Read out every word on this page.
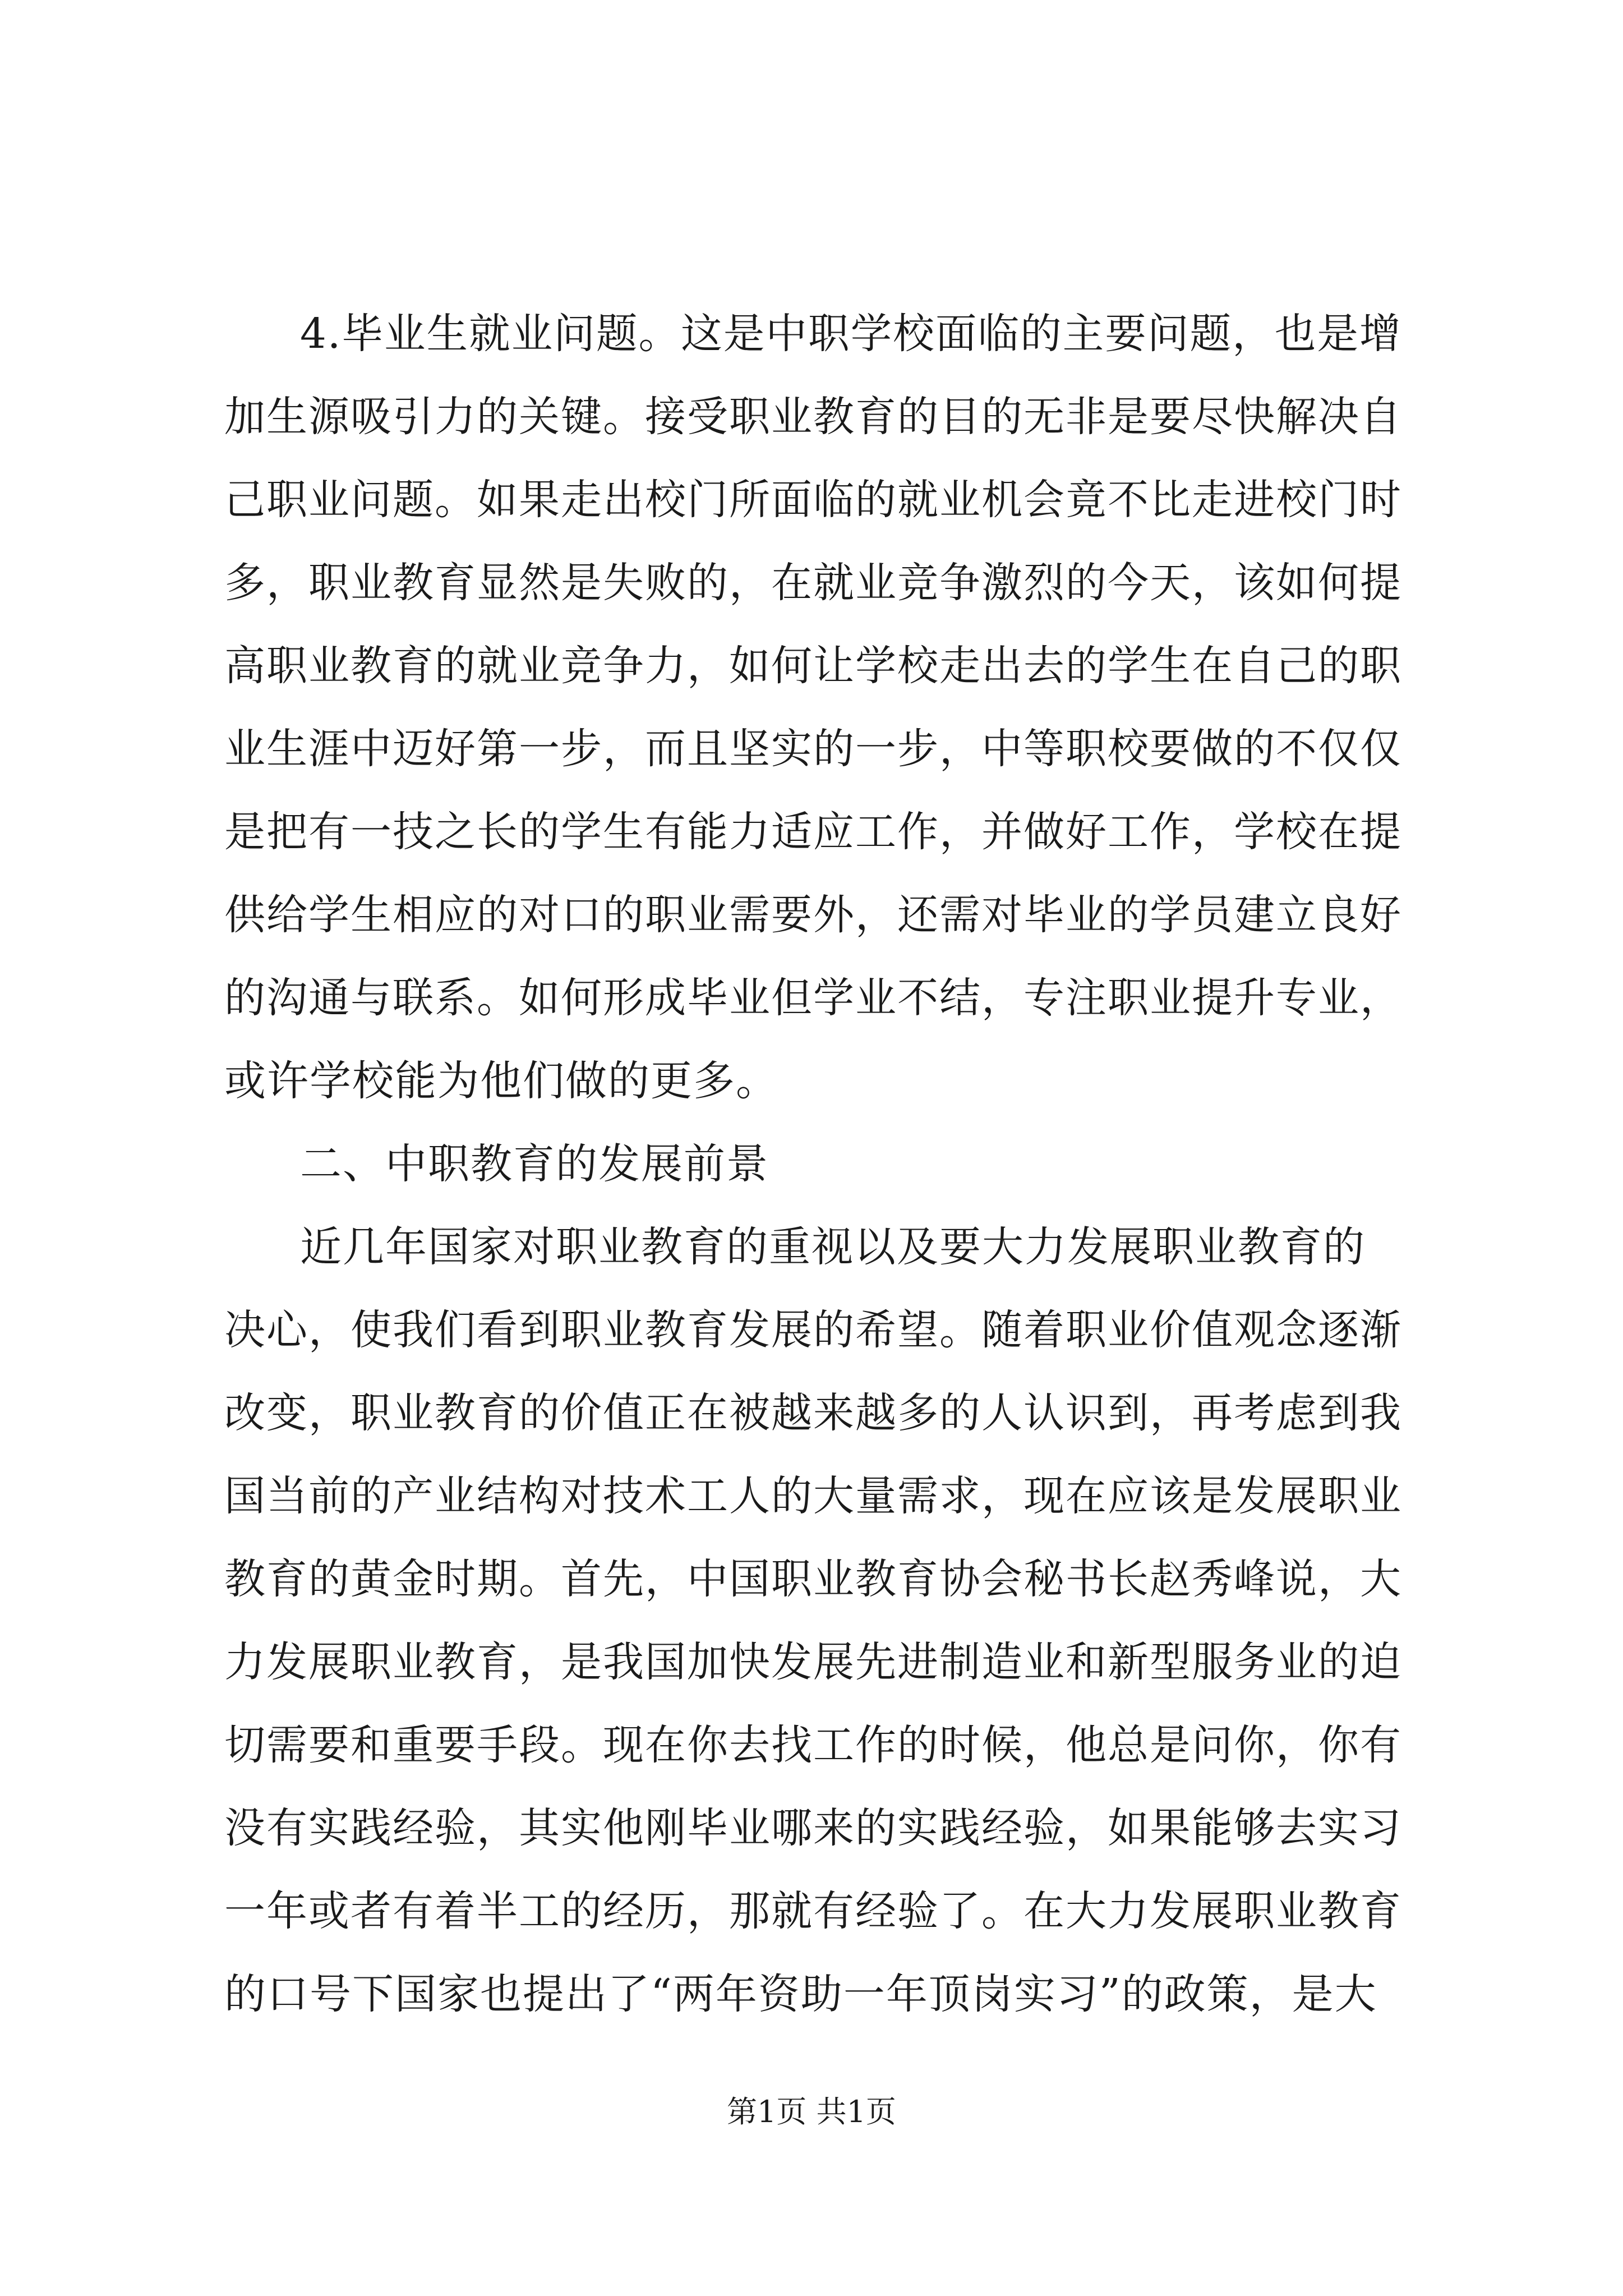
4.毕业生就业问题。这是中职学校面临的主要问题，也是增
加生源吸引力的关键。接受职业教育的目的无非是要尽快解决自
己职业问题。如果走出校门所面临的就业机会竟不比走进校门时
多，职业教育显然是失败的，在就业竞争激烈的今天，该如何提
高职业教育的就业竞争力，如何让学校走出去的学生在自己的职
业生涯中迈好第一步，而且坚实的一步，中等职校要做的不仅仅
是把有一技之长的学生有能力适应工作，并做好工作，学校在提
供给学生相应的对口的职业需要外，还需对毕业的学员建立良好
的沟通与联系。如何形成毕业但学业不结，专注职业提升专业，
或许学校能为他们做的更多。
二、中职教育的发展前景
近几年国家对职业教育的重视以及要大力发展职业教育的
决心，使我们看到职业教育发展的希望。随着职业价值观念逐渐
改变，职业教育的价值正在被越来越多的人认识到，再考虑到我
国当前的产业结构对技术工人的大量需求，现在应该是发展职业
教育的黄金时期。首先，中国职业教育协会秘书长赵秀峰说，大
力发展职业教育，是我国加快发展先进制造业和新型服务业的迫
切需要和重要手段。现在你去找工作的时候，他总是问你，你有
没有实践经验，其实他刚毕业哪来的实践经验，如果能够去实习
一年或者有着半工的经历，那就有经验了。在大力发展职业教育
的口号下国家也提出了“两年资助一年顶岗实习”的政策，是大
第1页 共1页
